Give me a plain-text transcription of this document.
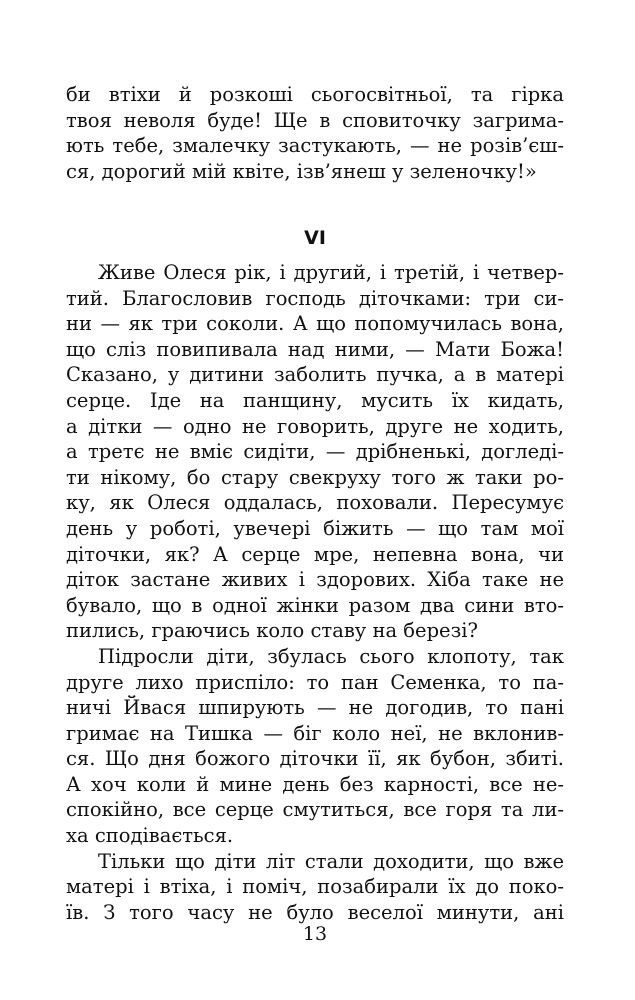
би втіхи й розкоші сьогосвітньої, та гірка
твоя неволя буде! Ще в сповиточку загрима-
ють тебе, змалечку застукають, — не розів’єш-
ся, дорогий мій квіте, ізв’янеш у зеленочку!»
VI
Живе Олеся рік, і другий, і третій, і четвер-
тий. Благословив господь діточками: три си-
ни — як три соколи. А що попомучилась вона,
що сліз повипивала над ними, — Мати Божа!
Сказано, у дитини заболить пучка, а в матері
серце. Іде на панщину, мусить їх кидать,
а дітки — одно не говорить, друге не ходить,
а третє не вміє сидіти, — дрібненькі, догледі-
ти нікому, бо стару свекруху того ж таки ро-
ку, як Олеся оддалась, поховали. Пересумує
день у роботі, увечері біжить — що там мої
діточки, як? А серце мре, непевна вона, чи
діток застане живих і здорових. Хіба таке не
бувало, що в одної жінки разом два сини вто-
пились, граючись коло ставу на березі?
Підросли діти, збулась сього клопоту, так
друге лихо приспіло: то пан Семенка, то па-
ничі Йвася шпирують — не догодив, то пані
гримає на Тишка — біг коло неї, не вклонив-
ся. Що дня божого діточки її, як бубон, збиті.
А хоч коли й мине день без карності, все не-
спокійно, все серце смутиться, все горя та ли-
ха сподівається.
Тільки що діти літ стали доходити, що вже
матері і втіха, і поміч, позабирали їх до поко-
їв. З того часу не було веселої минути, ані
13
